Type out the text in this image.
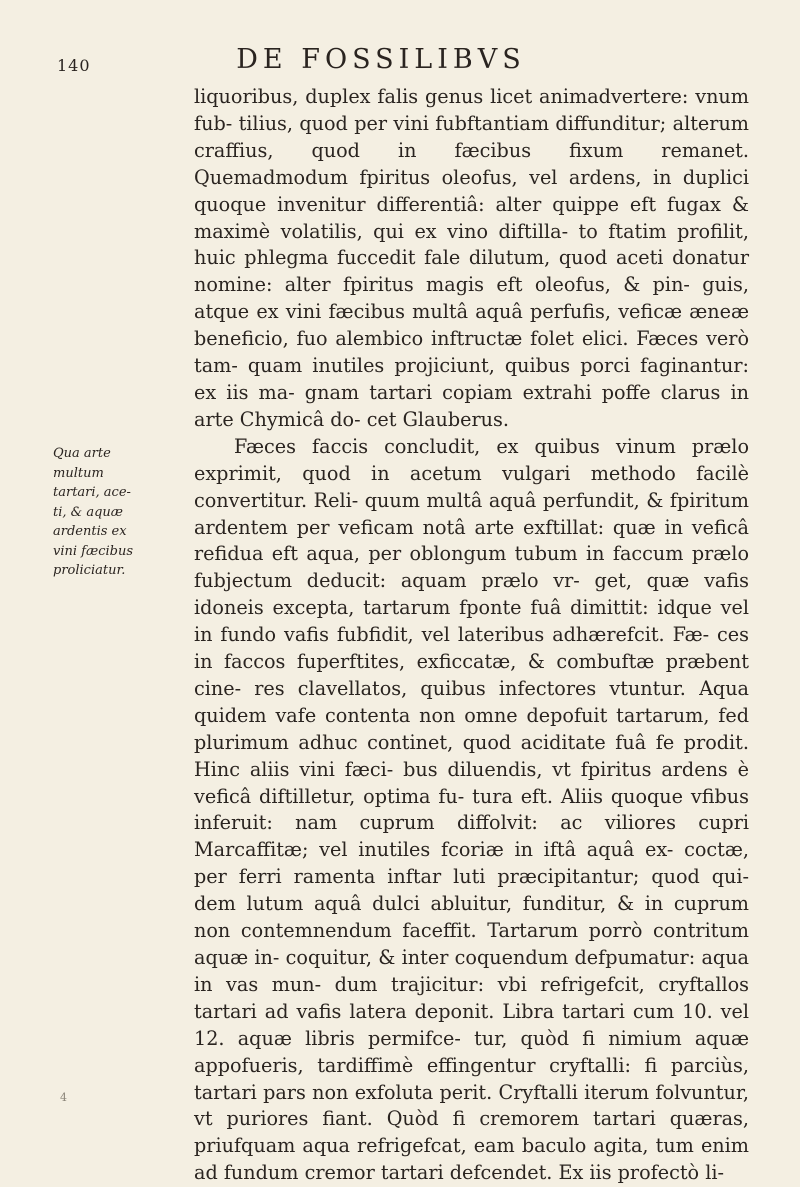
140	DE FOSSILIBVS

liquoribus, duplex falis genus licet animadvertere: vnum fub- tilius, quod per vini fubftantiam diffunditur; alterum craffius, quod in fæcibus fixum remanet. Quemadmodum fpiritus oleofus, vel ardens, in duplici quoque invenitur differentiâ: alter quippe eft fugax & maximè volatilis, qui ex vino diftilla- to ftatim profilit, huic phlegma fuccedit fale dilutum, quod aceti donatur nomine: alter fpiritus magis eft oleofus, & pin- guis, atque ex vini fæcibus multâ aquâ perfufis, veficæ æneæ beneficio, fuo alembico inftructæ folet elici. Fæces verò tam- quam inutiles projiciunt, quibus porci faginantur: ex iis ma- gnam tartari copiam extrahi poffe clarus in arte Chymicâ do- cet Glauberus.

Fæces faccis concludit, ex quibus vinum prælo exprimit, quod in acetum vulgari methodo facilè convertitur. Reli- quum multâ aquâ perfundit, & fpiritum ardentem per veficam notâ arte exftillat: quæ in veficâ refidua eft aqua, per oblongum tubum in faccum prælo fubjectum deducit: aquam prælo vr- get, quæ vafis idoneis excepta, tartarum fponte fuâ dimittit: idque vel in fundo vafis fubfidit, vel lateribus adhærefcit. Fæ- ces in faccos fuperftites, exficcatæ, & combuftæ præbent cine- res clavellatos, quibus infectores vtuntur. Aqua quidem vafe contenta non omne depofuit tartarum, fed plurimum adhuc continet, quod aciditate fuâ fe prodit. Hinc aliis vini fæci- bus diluendis, vt fpiritus ardens è veficâ diftilletur, optima fu- tura eft. Aliis quoque vfibus inferuit: nam cuprum diffolvit: ac viliores cupri Marcaffitæ; vel inutiles fcoriæ in iftâ aquâ ex- coctæ, per ferri ramenta inftar luti præcipitantur; quod qui- dem lutum aquâ dulci abluitur, funditur, & in cuprum non contemnendum faceffit. Tartarum porrò contritum aquæ in- coquitur, & inter coquendum defpumatur: aqua in vas mun- dum trajicitur: vbi refrigefcit, cryftallos tartari ad vafis latera deponit. Libra tartari cum 10. vel 12. aquæ libris permifce- tur, quòd fi nimium aquæ appofueris, tardiffimè effingentur cryftalli: fi parciùs, tartari pars non exfoluta perit. Cryftalli iterum folvuntur, vt puriores fiant. Quòd fi cremorem tartari quæras, priufquam aqua refrigefcat, eam baculo agita, tum enim ad fundum cremor tartari defcendet. Ex iis profectò li-

Qua arte
multum
tartari, ace-
ti, & aquæ
ardentis ex
vini fæcibus
proliciatur.
4
